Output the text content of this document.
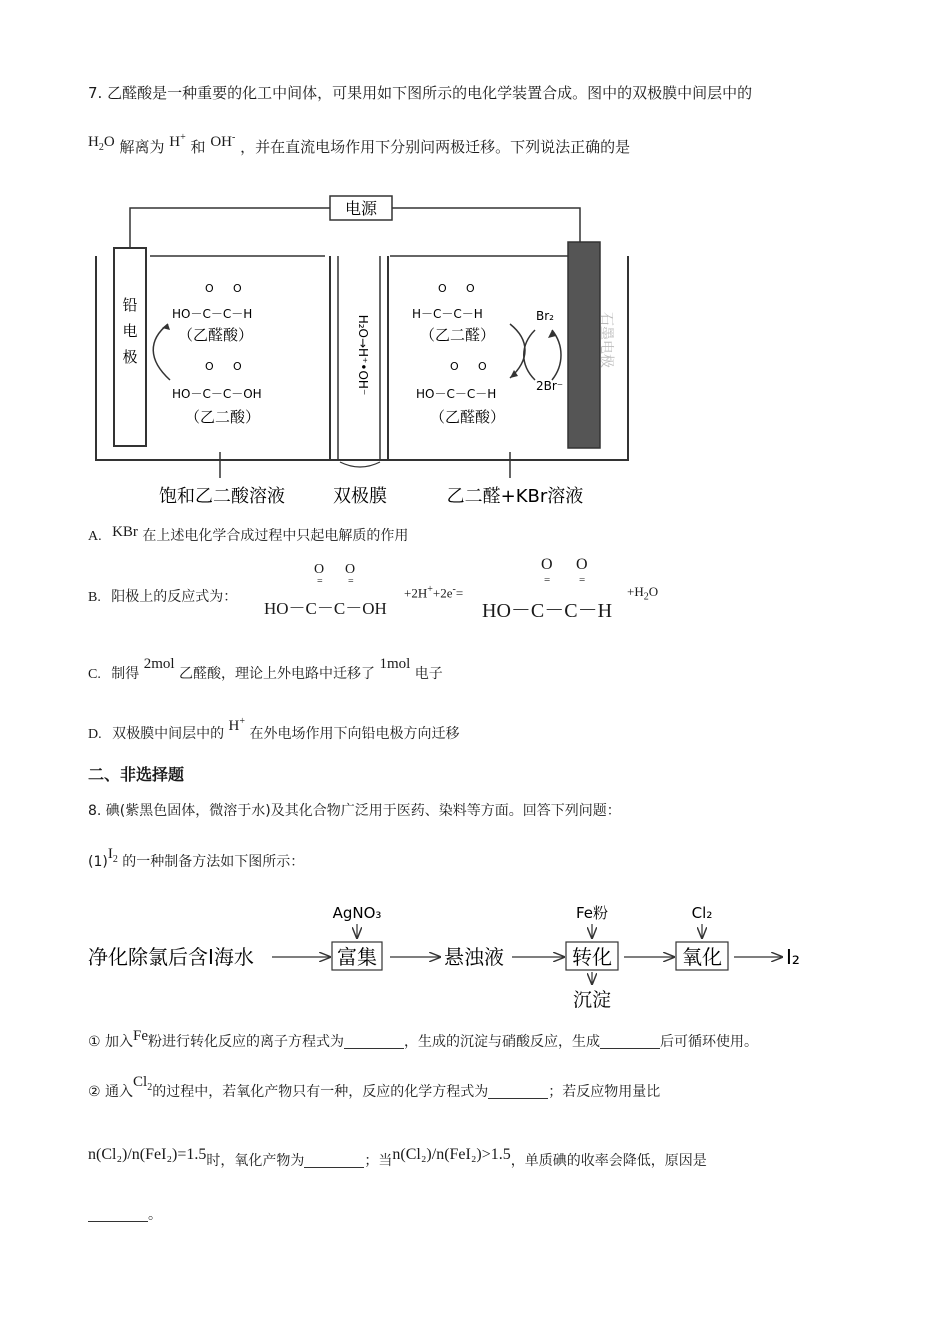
7. 乙醛酸是一种重要的化工中间体，可果用如下图所示的电化学装置合成。图中的双极膜中间层中的
$H_2O$ 解离为 H+ 和 OH- ，并在直流电场作用下分别问两极迁移。下列说法正确的是
电源
铅
电
极	石墨电极
H₂O→H⁺•OH⁻
O O
HO－C－C－H
（乙醛酸）
O O
HO－C－C－OH
（乙二酸）
O O
H－C－C－H
（乙二醛）
O O
HO－C－C－H
（乙醛酸）
Br₂
2Br⁻
饱和乙二酸溶液	双极膜	乙二醛+KBr溶液
A. KBr 在上述电化学合成过程中只起电解质的作用
B. 阳极上的反应式为：
O O
=	=
HO－C－C－OH
+2H++2e-=
O O
=	=
HO－C－C－H
$+H_2O$
C. 制得 2mol 乙醛酸，理论上外电路中迁移了 1mol 电子
D. 双极膜中间层中的 H+ 在外电场作用下向铅电极方向迁移
二、非选择题
8. 碘(紫黑色固体，微溶于水)及其化合物广泛用于医药、染料等方面。回答下列问题：
$(1)I_2$ 的一种制备方法如下图所示：
净化除氯后含I海水	富集
AgNO₃
悬浊液	转化
Fe粉
沉淀
氧化
Cl₂
I₂
① 加入Fe粉进行转化反应的离子方程式为	，生成的沉淀与硝酸反应，生成	后可循环使用。
② 通入$Cl_2$的过程中，若氧化产物只有一种，反应的化学方程式为	；若反应物用量比
n(Cl₂)/n(FeI₂)=1.5时，氧化产物为	；当n(Cl₂)/n(FeI₂)>1.5，单质碘的收率会降低，原因是
。
